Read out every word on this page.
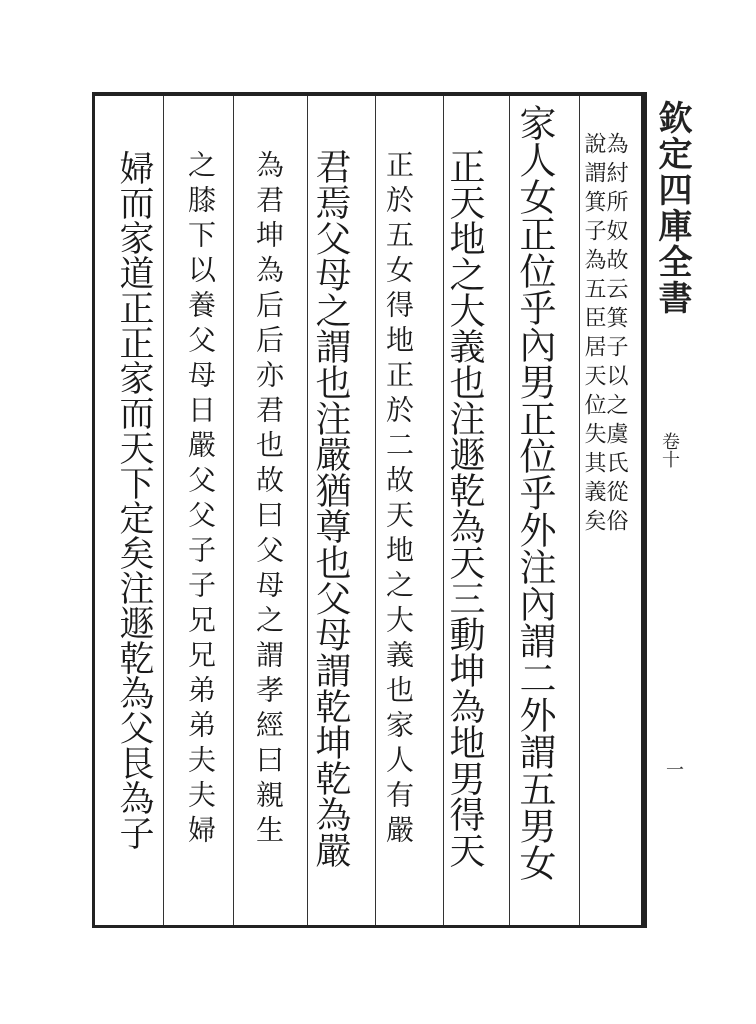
欽定四庫全書
卷十
一
為紂所奴故云箕子以之虞氏從俗
說謂箕子為五臣居天位失其義矣
家人女正位乎內男正位乎外注內謂二外謂五男女
正天地之大義也注遯乾為天三動坤為地男得天
正於五女得地正於二故天地之大義也家人有嚴
君焉父母之謂也注嚴猶尊也父母謂乾坤乾為嚴
為君坤為后后亦君也故曰父母之謂孝經曰親生
之膝下以養父母日嚴父父子子兄兄弟弟夫夫婦
婦而家道正正家而天下定矣注遯乾為父艮為子
